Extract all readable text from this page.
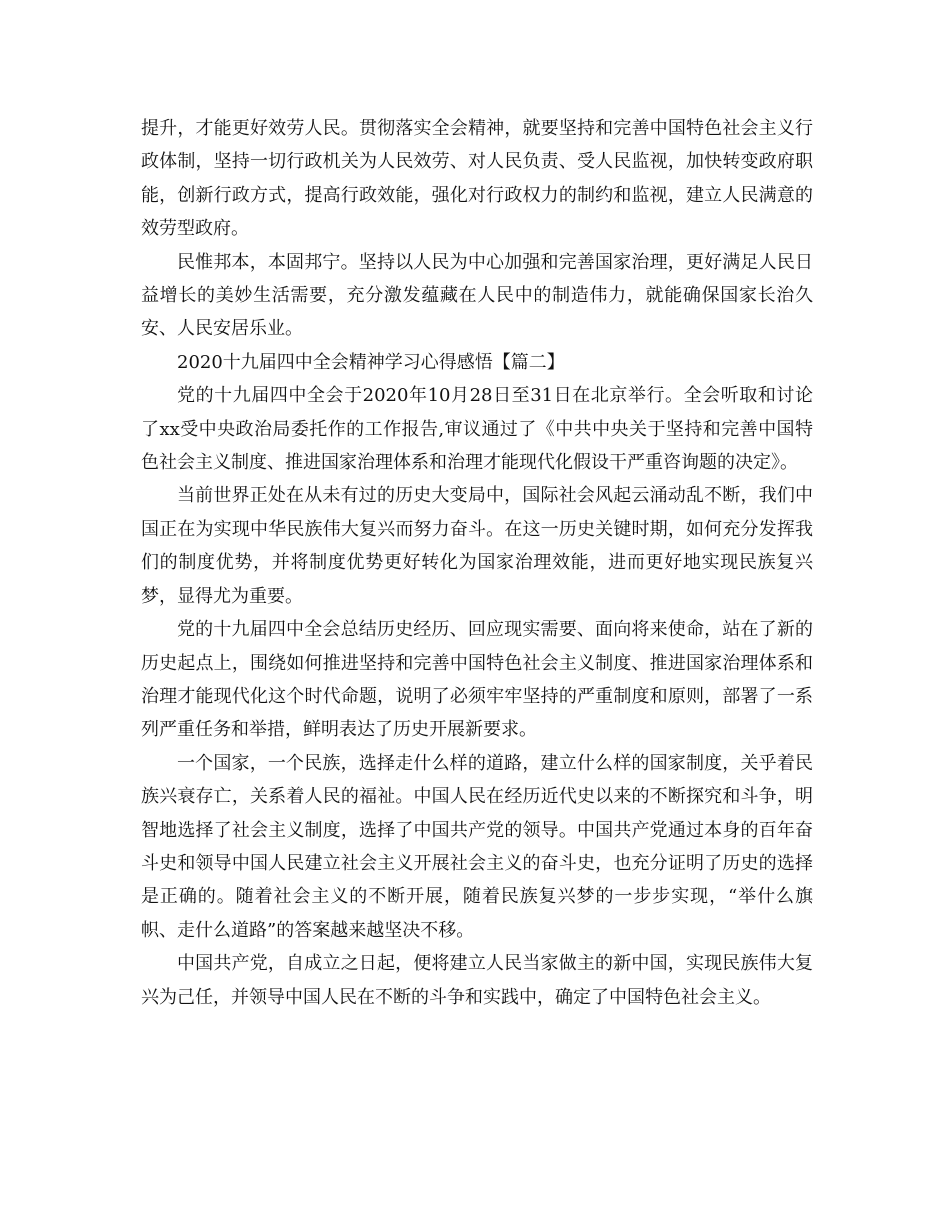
提升，才能更好效劳人民。贯彻落实全会精神，就要坚持和完善中国特色社会主义行政体制，坚持一切行政机关为人民效劳、对人民负责、受人民监视，加快转变政府职能，创新行政方式，提高行政效能，强化对行政权力的制约和监视，建立人民满意的效劳型政府。

民惟邦本，本固邦宁。坚持以人民为中心加强和完善国家治理，更好满足人民日益增长的美妙生活需要，充分激发蕴藏在人民中的制造伟力，就能确保国家长治久安、人民安居乐业。

2020十九届四中全会精神学习心得感悟【篇二】

党的十九届四中全会于2020年10月28日至31日在北京举行。全会听取和讨论了xx受中央政治局委托作的工作报告,审议通过了《中共中央关于坚持和完善中国特色社会主义制度、推进国家治理体系和治理才能现代化假设干严重咨询题的决定》。

当前世界正处在从未有过的历史大变局中，国际社会风起云涌动乱不断，我们中国正在为实现中华民族伟大复兴而努力奋斗。在这一历史关键时期，如何充分发挥我们的制度优势，并将制度优势更好转化为国家治理效能，进而更好地实现民族复兴梦，显得尤为重要。

党的十九届四中全会总结历史经历、回应现实需要、面向将来使命，站在了新的历史起点上，围绕如何推进坚持和完善中国特色社会主义制度、推进国家治理体系和治理才能现代化这个时代命题，说明了必须牢牢坚持的严重制度和原则，部署了一系列严重任务和举措，鲜明表达了历史开展新要求。

一个国家，一个民族，选择走什么样的道路，建立什么样的国家制度，关乎着民族兴衰存亡，关系着人民的福祉。中国人民在经历近代史以来的不断探究和斗争，明智地选择了社会主义制度，选择了中国共产党的领导。中国共产党通过本身的百年奋斗史和领导中国人民建立社会主义开展社会主义的奋斗史，也充分证明了历史的选择是正确的。随着社会主义的不断开展，随着民族复兴梦的一步步实现，“举什么旗帜、走什么道路”的答案越来越坚决不移。

中国共产党，自成立之日起，便将建立人民当家做主的新中国，实现民族伟大复兴为己任，并领导中国人民在不断的斗争和实践中，确定了中国特色社会主义。
